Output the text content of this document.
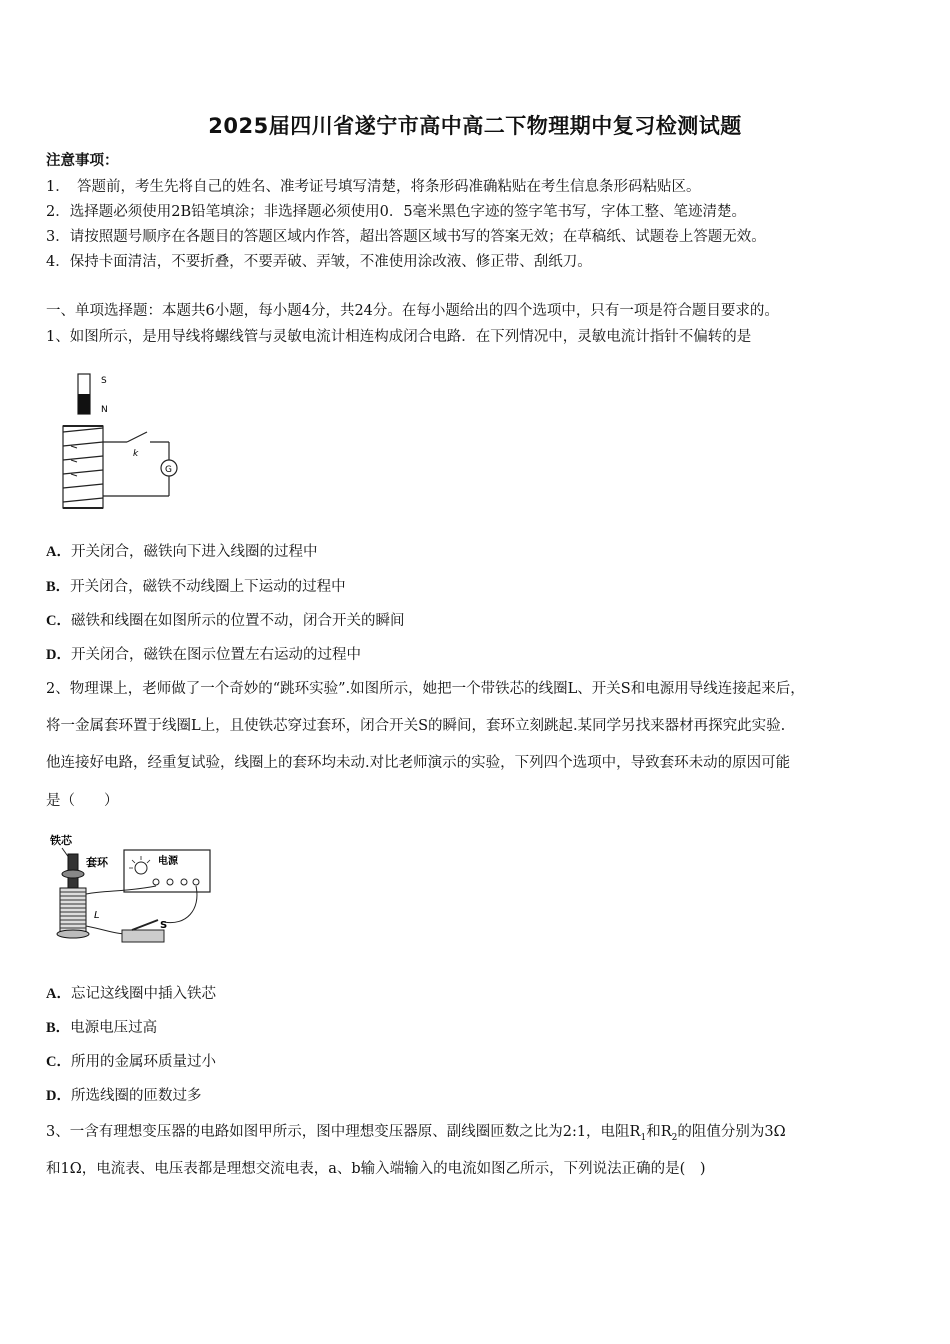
2025届四川省遂宁市高中高二下物理期中复习检测试题
注意事项：
1．　答题前，考生先将自己的姓名、准考证号填写清楚，将条形码准确粘贴在考生信息条形码粘贴区。
2．选择题必须使用2B铅笔填涂；非选择题必须使用0．5毫米黑色字迹的签字笔书写，字体工整、笔迹清楚。
3．请按照题号顺序在各题目的答题区域内作答，超出答题区域书写的答案无效；在草稿纸、试题卷上答题无效。
4．保持卡面清洁，不要折叠，不要弄破、弄皱，不准使用涂改液、修正带、刮纸刀。
一、单项选择题：本题共6小题，每小题4分，共24分。在每小题给出的四个选项中，只有一项是符合题目要求的。
1、如图所示，是用导线将螺线管与灵敏电流计相连构成闭合电路．在下列情况中，灵敏电流计指针不偏转的是
S
N
k
G
A．开关闭合，磁铁向下进入线圈的过程中
B．开关闭合，磁铁不动线圈上下运动的过程中
C．磁铁和线圈在如图所示的位置不动，闭合开关的瞬间
D．开关闭合，磁铁在图示位置左右运动的过程中
2、物理课上，老师做了一个奇妙的“跳环实验”.如图所示，她把一个带铁芯的线圈L、开关S和电源用导线连接起来后，
将一金属套环置于线圈L上，且使铁芯穿过套环，闭合开关S的瞬间，套环立刻跳起.某同学另找来器材再探究此实验.
他连接好电路，经重复试验，线圈上的套环均未动.对比老师演示的实验，下列四个选项中，导致套环未动的原因可能
是（　　）
铁芯
套环
L
电源
S
A．忘记这线圈中插入铁芯
B．电源电压过高
C．所用的金属环质量过小
D．所选线圈的匝数过多
3、一含有理想变压器的电路如图甲所示，图中理想变压器原、副线圈匝数之比为2:1，电阻$R_1$和$R_2$的阻值分别为3Ω
和1Ω，电流表、电压表都是理想交流电表，a、b输入端输入的电流如图乙所示，下列说法正确的是(　)
